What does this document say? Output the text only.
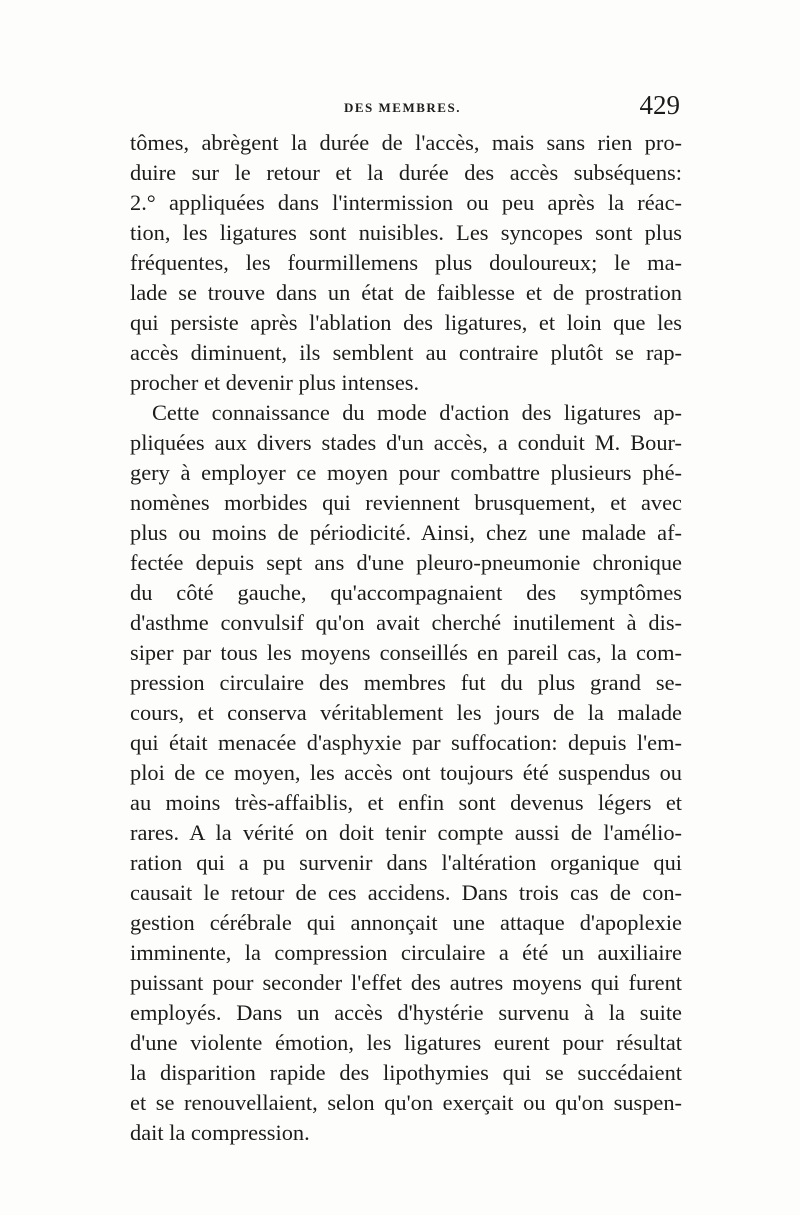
DES MEMBRES.	429
tômes, abrègent la durée de l'accès, mais sans rien pro-
duire sur le retour et la durée des accès subséquens:
2.° appliquées dans l'intermission ou peu après la réac-
tion, les ligatures sont nuisibles. Les syncopes sont plus
fréquentes, les fourmillemens plus douloureux; le ma-
lade se trouve dans un état de faiblesse et de prostration
qui persiste après l'ablation des ligatures, et loin que les
accès diminuent, ils semblent au contraire plutôt se rap-
procher et devenir plus intenses.
Cette connaissance du mode d'action des ligatures ap-
pliquées aux divers stades d'un accès, a conduit M. Bour-
gery à employer ce moyen pour combattre plusieurs phé-
nomènes morbides qui reviennent brusquement, et avec
plus ou moins de périodicité. Ainsi, chez une malade af-
fectée depuis sept ans d'une pleuro-pneumonie chronique
du côté gauche, qu'accompagnaient des symptômes
d'asthme convulsif qu'on avait cherché inutilement à dis-
siper par tous les moyens conseillés en pareil cas, la com-
pression circulaire des membres fut du plus grand se-
cours, et conserva véritablement les jours de la malade
qui était menacée d'asphyxie par suffocation: depuis l'em-
ploi de ce moyen, les accès ont toujours été suspendus ou
au moins très-affaiblis, et enfin sont devenus légers et
rares. A la vérité on doit tenir compte aussi de l'amélio-
ration qui a pu survenir dans l'altération organique qui
causait le retour de ces accidens. Dans trois cas de con-
gestion cérébrale qui annonçait une attaque d'apoplexie
imminente, la compression circulaire a été un auxiliaire
puissant pour seconder l'effet des autres moyens qui furent
employés. Dans un accès d'hystérie survenu à la suite
d'une violente émotion, les ligatures eurent pour résultat
la disparition rapide des lipothymies qui se succédaient
et se renouvellaient, selon qu'on exerçait ou qu'on suspen-
dait la compression.
